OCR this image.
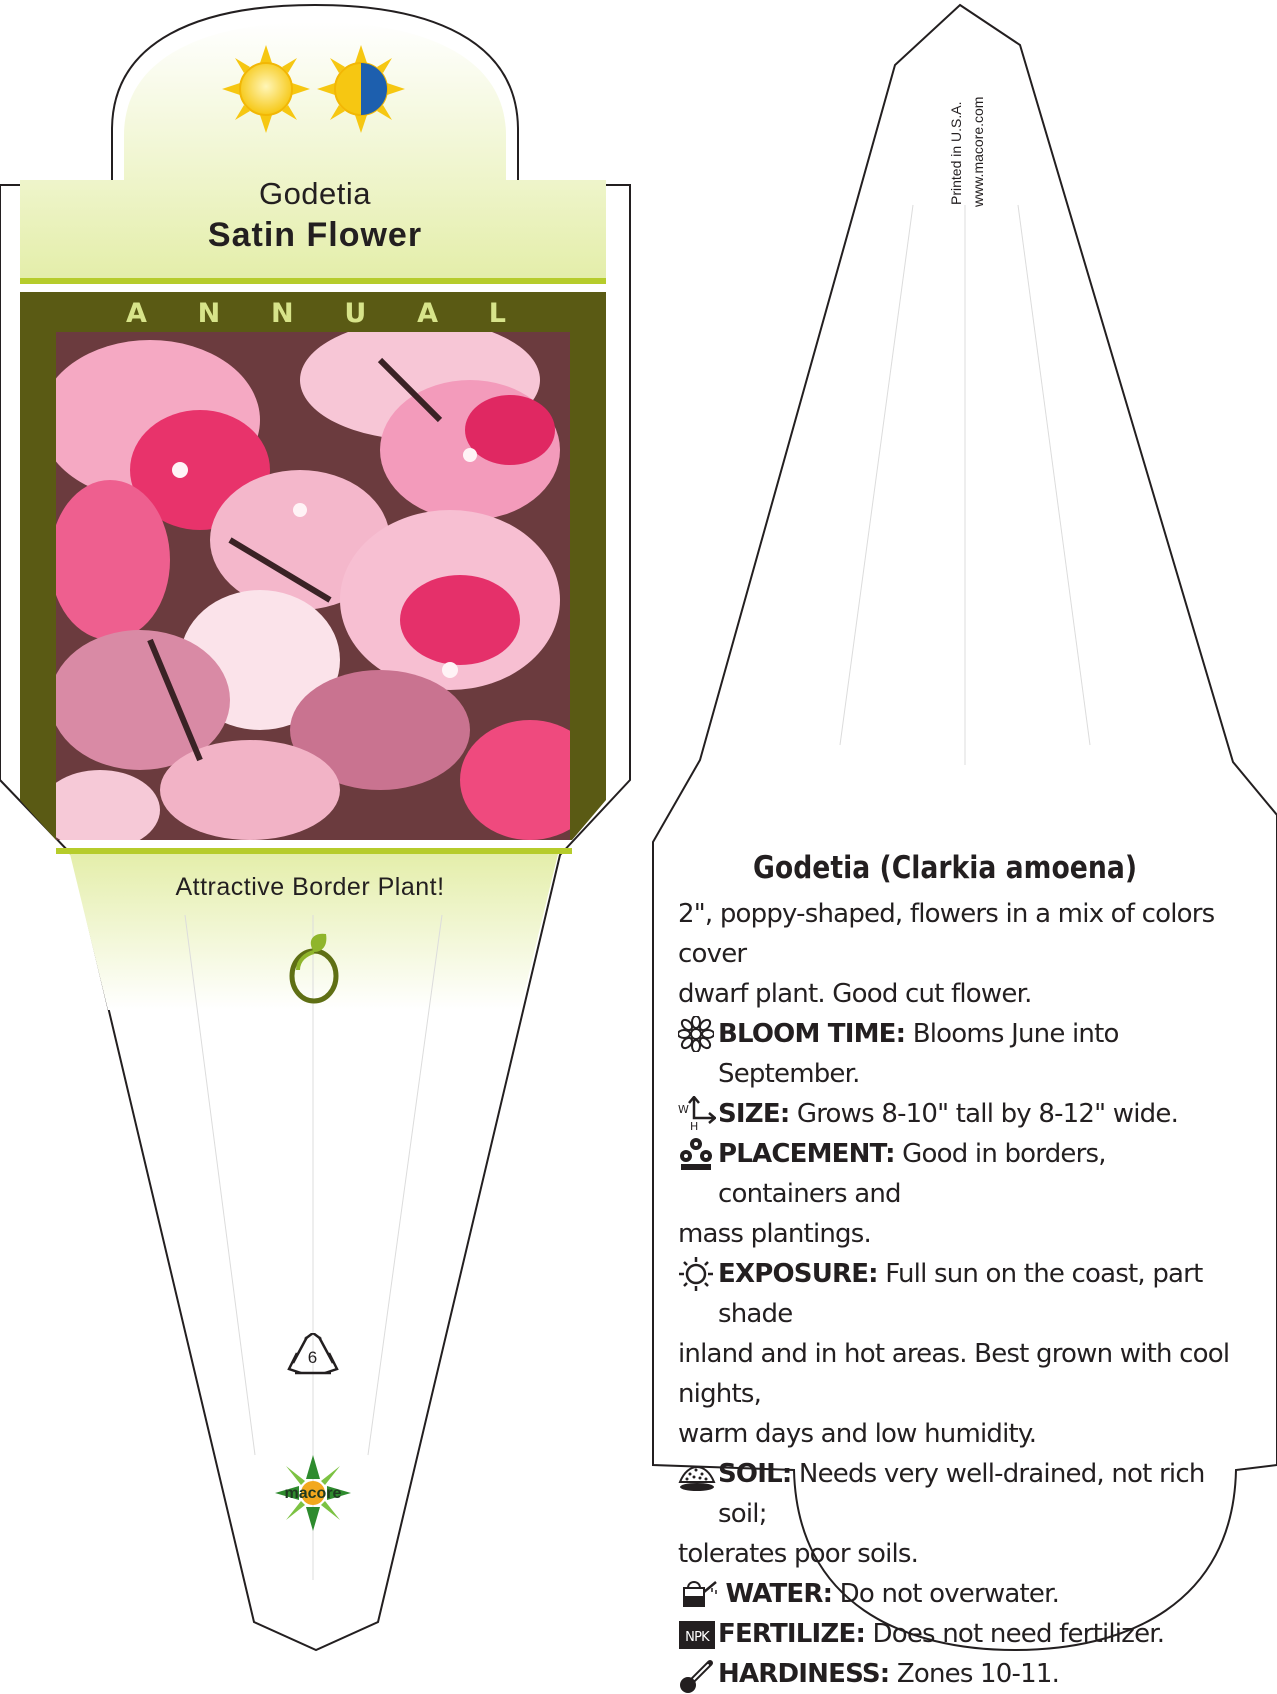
Godetia
Satin Flower
A N N U A L
Attractive Border Plant!
6
macore
Printed in U.S.A. www.macore.com
Godetia (Clarkia amoena)

2", poppy-shaped, flowers in a mix of colors cover

dwarf plant. Good cut flower.

BLOOM TIME: Blooms June into September.
W
H SIZE: Grows 8-10" tall by 8-12" wide.
PLACEMENT: Good in borders, containers and

mass plantings.

EXPOSURE: Full sun on the coast, part shade

inland and in hot areas. Best grown with cool nights,

warm days and low humidity.

SOIL: Needs very well-drained, not rich soil;

tolerates poor soils.

WATER: Do not overwater.
NPK FERTILIZE: Does not need fertilizer.
HARDINESS: Zones 10-11.
